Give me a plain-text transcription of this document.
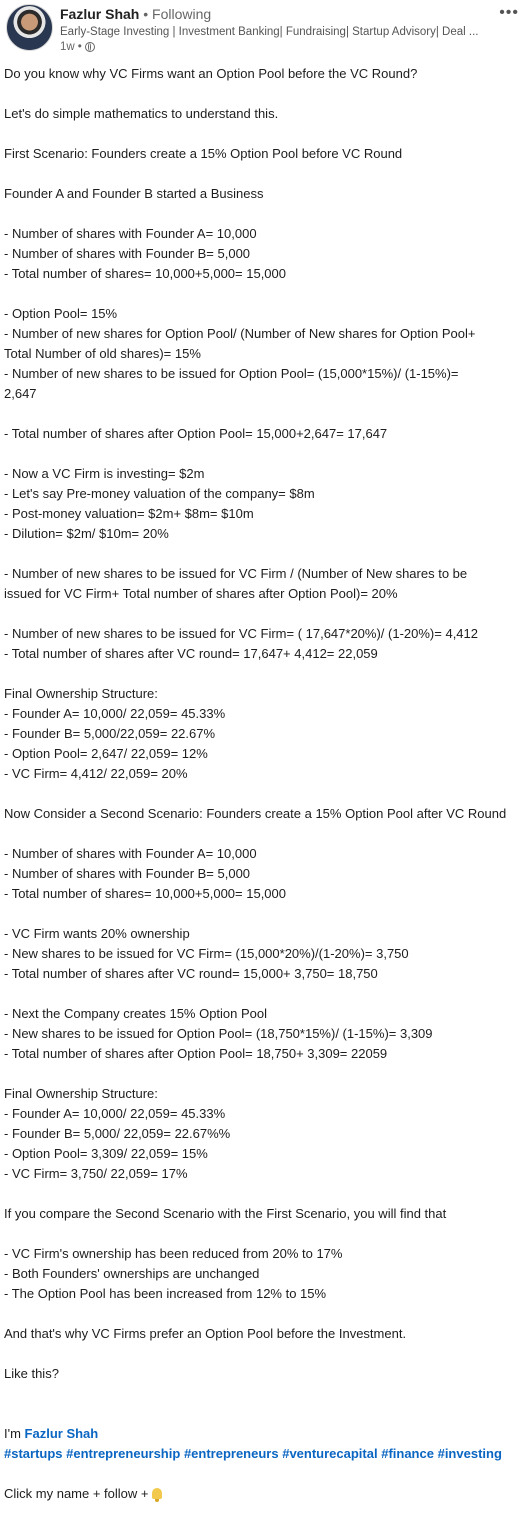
Fazlur Shah • Following
Early-Stage Investing | Investment Banking| Fundraising| Startup Advisory| Deal ...
1w •
•••

Do you know why VC Firms want an Option Pool before the VC Round?

Let's do simple mathematics to understand this.

First Scenario: Founders create a 15% Option Pool before VC Round

Founder A and Founder B started a Business

- Number of shares with Founder A= 10,000

- Number of shares with Founder B= 5,000

- Total number of shares= 10,000+5,000= 15,000

- Option Pool= 15%

- Number of new shares for Option Pool/ (Number of New shares for Option Pool+

Total Number of old shares)= 15%

- Number of new shares to be issued for Option Pool= (15,000*15%)/ (1-15%)=

2,647

- Total number of shares after Option Pool= 15,000+2,647= 17,647

- Now a VC Firm is investing= $2m

- Let's say Pre-money valuation of the company= $8m

- Post-money valuation= $2m+ $8m= $10m

- Dilution= $2m/ $10m= 20%

- Number of new shares to be issued for VC Firm / (Number of New shares to be

issued for VC Firm+ Total number of shares after Option Pool)= 20%

- Number of new shares to be issued for VC Firm= ( 17,647*20%)/ (1-20%)= 4,412

- Total number of shares after VC round= 17,647+ 4,412= 22,059

Final Ownership Structure:

- Founder A= 10,000/ 22,059= 45.33%

- Founder B= 5,000/22,059= 22.67%

- Option Pool= 2,647/ 22,059= 12%

- VC Firm= 4,412/ 22,059= 20%

Now Consider a Second Scenario: Founders create a 15% Option Pool after VC Round

- Number of shares with Founder A= 10,000

- Number of shares with Founder B= 5,000

- Total number of shares= 10,000+5,000= 15,000

- VC Firm wants 20% ownership

- New shares to be issued for VC Firm= (15,000*20%)/(1-20%)= 3,750

- Total number of shares after VC round= 15,000+ 3,750= 18,750

- Next the Company creates 15% Option Pool

- New shares to be issued for Option Pool= (18,750*15%)/ (1-15%)= 3,309

- Total number of shares after Option Pool= 18,750+ 3,309= 22059

Final Ownership Structure:

- Founder A= 10,000/ 22,059= 45.33%

- Founder B= 5,000/ 22,059= 22.67%%

- Option Pool= 3,309/ 22,059= 15%

- VC Firm= 3,750/ 22,059= 17%

If you compare the Second Scenario with the First Scenario, you will find that

- VC Firm's ownership has been reduced from 20% to 17%

- Both Founders' ownerships are unchanged

- The Option Pool has been increased from 12% to 15%

And that's why VC Firms prefer an Option Pool before the Investment.

Like this?

I'm Fazlur Shah

Click my name + follow +

#startups #entrepreneurship #entrepreneurs #venturecapital #finance #investing
